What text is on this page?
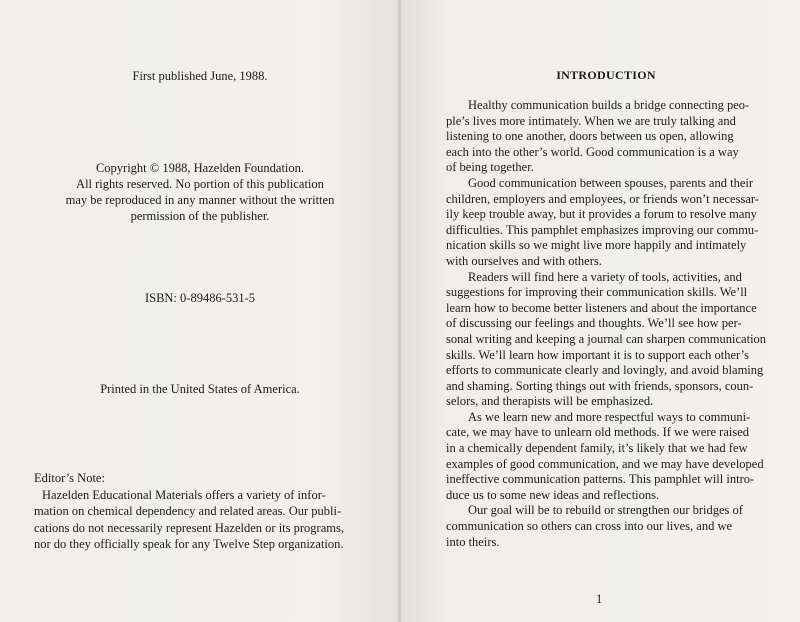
First published June, 1988.
Copyright © 1988, Hazelden Foundation.
All rights reserved. No portion of this publication
may be reproduced in any manner without the written
permission of the publisher.
ISBN: 0-89486-531-5
Printed in the United States of America.
Editor’s Note:
Hazelden Educational Materials offers a variety of infor-
mation on chemical dependency and related areas. Our publi-
cations do not necessarily represent Hazelden or its programs,
nor do they officially speak for any Twelve Step organization.
INTRODUCTION
Healthy communication builds a bridge connecting peo-
ple’s lives more intimately. When we are truly talking and
listening to one another, doors between us open, allowing
each into the other’s world. Good communication is a way
of being together.
Good communication between spouses, parents and their
children, employers and employees, or friends won’t necessar-
ily keep trouble away, but it provides a forum to resolve many
difficulties. This pamphlet emphasizes improving our commu-
nication skills so we might live more happily and intimately
with ourselves and with others.
Readers will find here a variety of tools, activities, and
suggestions for improving their communication skills. We’ll
learn how to become better listeners and about the importance
of discussing our feelings and thoughts. We’ll see how per-
sonal writing and keeping a journal can sharpen communication
skills. We’ll learn how important it is to support each other’s
efforts to communicate clearly and lovingly, and avoid blaming
and shaming. Sorting things out with friends, sponsors, coun-
selors, and therapists will be emphasized.
As we learn new and more respectful ways to communi-
cate, we may have to unlearn old methods. If we were raised
in a chemically dependent family, it’s likely that we had few
examples of good communication, and we may have developed
ineffective communication patterns. This pamphlet will intro-
duce us to some new ideas and reflections.
Our goal will be to rebuild or strengthen our bridges of
communication so others can cross into our lives, and we
into theirs.
1
